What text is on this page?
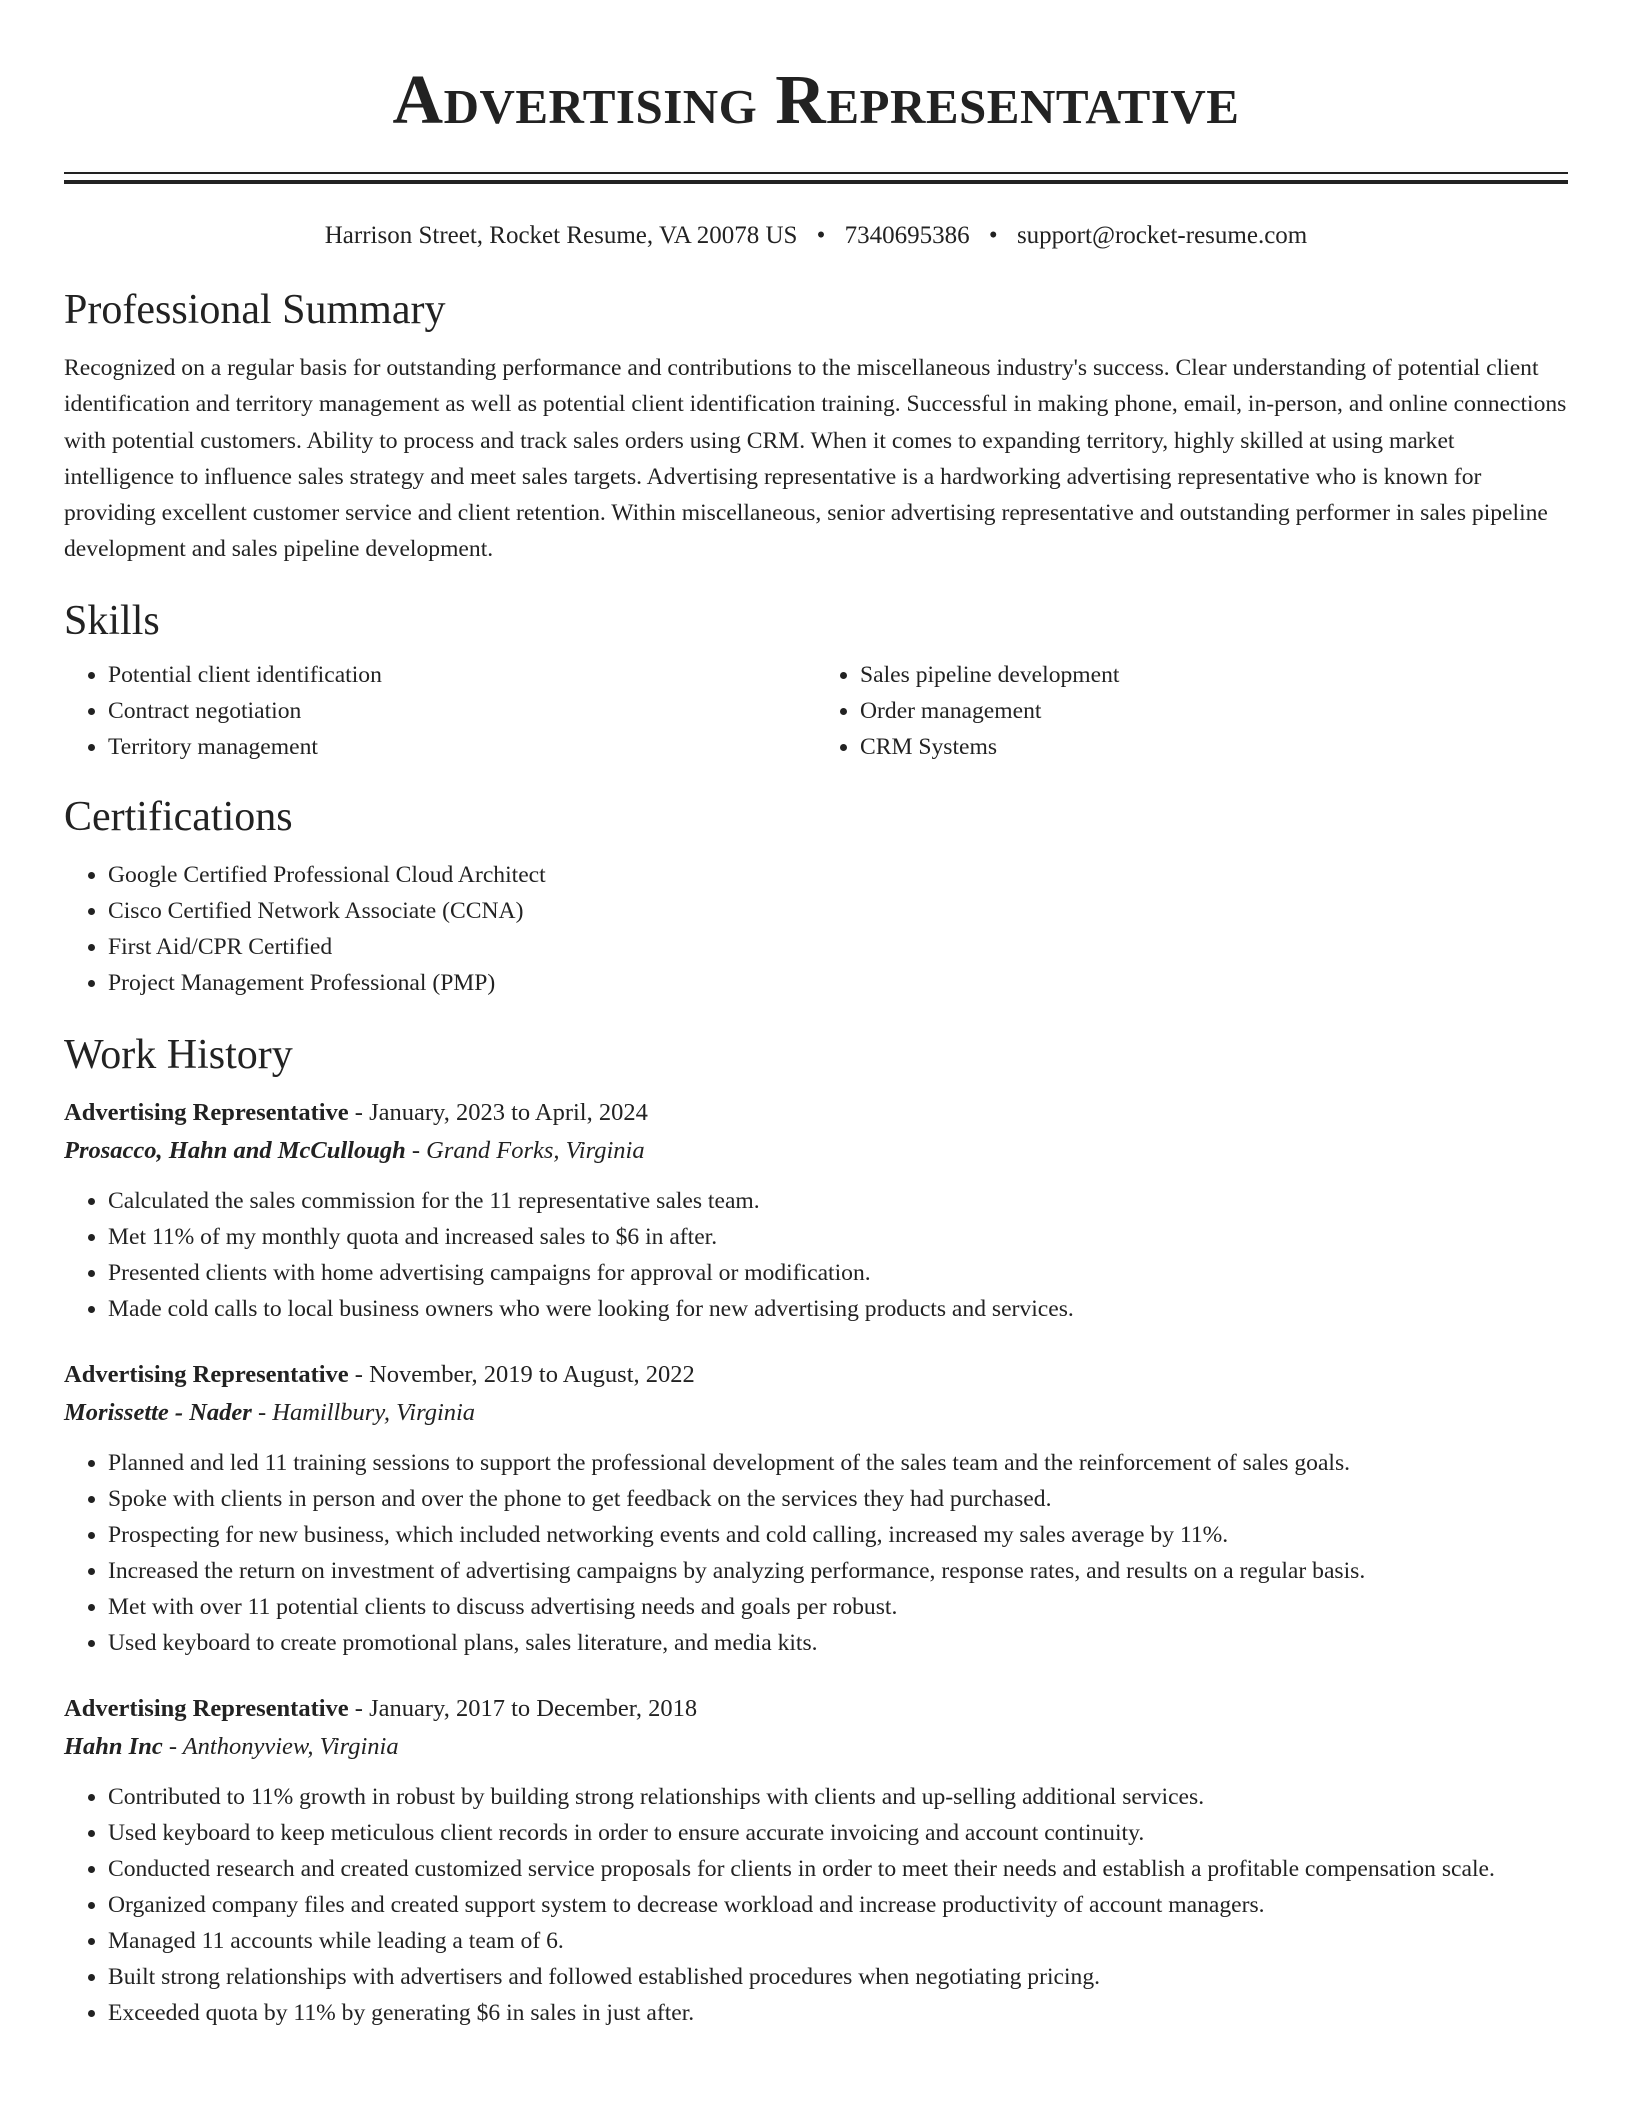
Advertising Representative
Harrison Street, Rocket Resume, VA 20078 US • 7340695386 • support@rocket-resume.com
Professional Summary

Recognized on a regular basis for outstanding performance and contributions to the miscellaneous industry's success. Clear understanding of potential client identification and territory management as well as potential client identification training. Successful in making phone, email, in-person, and online connections with potential customers. Ability to process and track sales orders using CRM. When it comes to expanding territory, highly skilled at using market intelligence to influence sales strategy and meet sales targets. Advertising representative is a hardworking advertising representative who is known for providing excellent customer service and client retention. Within miscellaneous, senior advertising representative and outstanding performer in sales pipeline development and sales pipeline development.

Skills
• Potential client identification
• Contract negotiation
• Territory management
• Sales pipeline development
• Order management
• CRM Systems
Certifications
• Google Certified Professional Cloud Architect
• Cisco Certified Network Associate (CCNA)
• First Aid/CPR Certified
• Project Management Professional (PMP)
Work History
Advertising Representative - January, 2023 to April, 2024
Prosacco, Hahn and McCullough - Grand Forks, Virginia
• Calculated the sales commission for the 11 representative sales team.
• Met 11% of my monthly quota and increased sales to $6 in after.
• Presented clients with home advertising campaigns for approval or modification.
• Made cold calls to local business owners who were looking for new advertising products and services.
Advertising Representative - November, 2019 to August, 2022
Morissette - Nader - Hamillbury, Virginia
• Planned and led 11 training sessions to support the professional development of the sales team and the reinforcement of sales goals.
• Spoke with clients in person and over the phone to get feedback on the services they had purchased.
• Prospecting for new business, which included networking events and cold calling, increased my sales average by 11%.
• Increased the return on investment of advertising campaigns by analyzing performance, response rates, and results on a regular basis.
• Met with over 11 potential clients to discuss advertising needs and goals per robust.
• Used keyboard to create promotional plans, sales literature, and media kits.
Advertising Representative - January, 2017 to December, 2018
Hahn Inc - Anthonyview, Virginia
• Contributed to 11% growth in robust by building strong relationships with clients and up-selling additional services.
• Used keyboard to keep meticulous client records in order to ensure accurate invoicing and account continuity.
• Conducted research and created customized service proposals for clients in order to meet their needs and establish a profitable compensation scale.
• Organized company files and created support system to decrease workload and increase productivity of account managers.
• Managed 11 accounts while leading a team of 6.
• Built strong relationships with advertisers and followed established procedures when negotiating pricing.
• Exceeded quota by 11% by generating $6 in sales in just after.
